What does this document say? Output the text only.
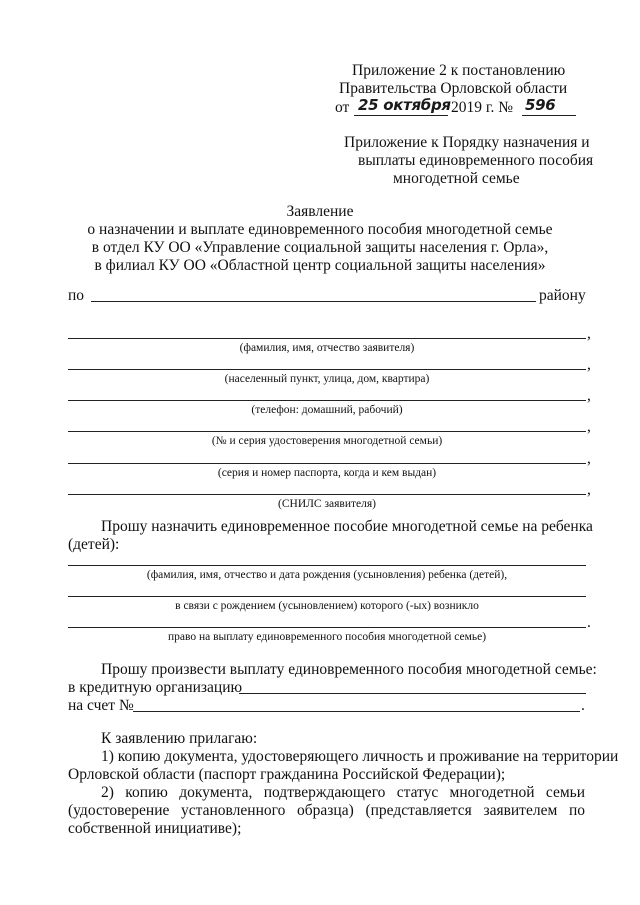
Приложение 2 к постановлению
Правительства Орловской области
от 25 октября 2019 г. № 596
Приложение к Порядку назначения и
выплаты единовременного пособия
многодетной семье
Заявление
о назначении и выплате единовременного пособия многодетной семье
в отдел КУ ОО «Управление социальной защиты населения г. Орла»,
в филиал КУ ОО «Областной центр социальной защиты населения»
по	району
,
(фамилия, имя, отчество заявителя)
,
(населенный пункт, улица, дом, квартира)
,
(телефон: домашний, рабочий)
,
(№ и серия удостоверения многодетной семьи)
,
(серия и номер паспорта, когда и кем выдан)
,
(СНИЛС заявителя)
Прошу назначить единовременное пособие многодетной семье на ребенка
(детей):
(фамилия, имя, отчество и дата рождения (усыновления) ребенка (детей),
в связи с рождением (усыновлением) которого (-ых) возникло
.
право на выплату единовременного пособия многодетной семье)
Прошу произвести выплату единовременного пособия многодетной семье:
в кредитную организацию
на счет №	.
К заявлению прилагаю:
1) копию документа, удостоверяющего личность и проживание на территории
Орловской области (паспорт гражданина Российской Федерации);
2) копию документа, подтверждающего статус многодетной семьи
(удостоверение установленного образца) (представляется заявителем по
собственной инициативе);
